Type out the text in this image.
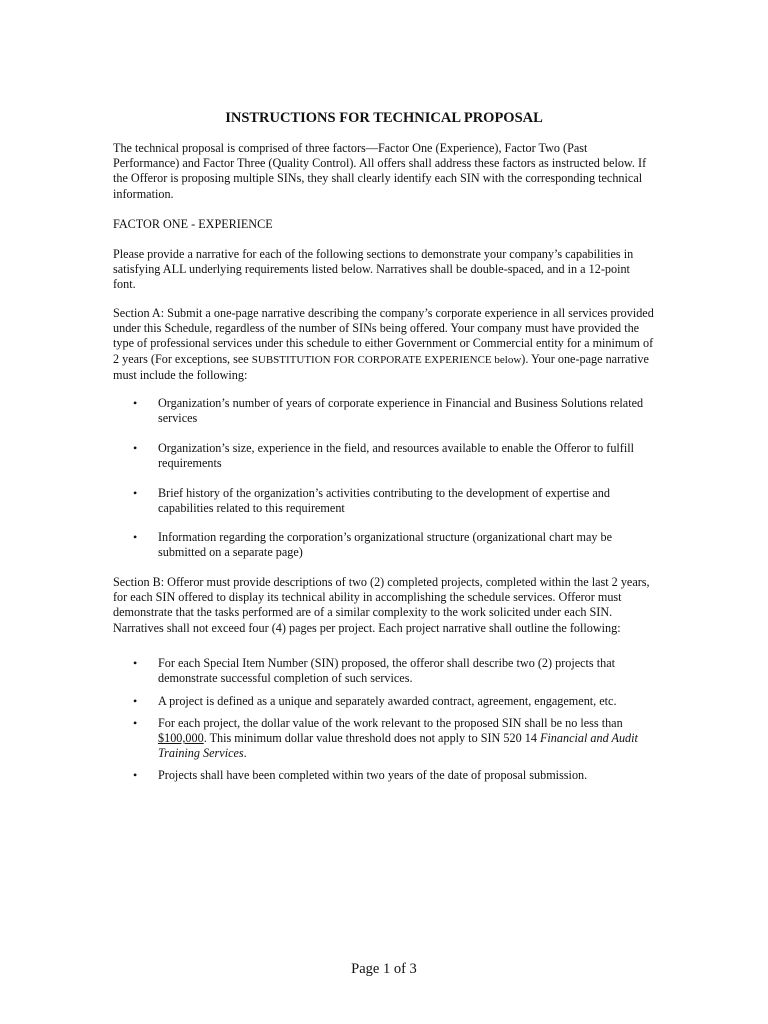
INSTRUCTIONS FOR TECHNICAL PROPOSAL

The technical proposal is comprised of three factors—Factor One (Experience), Factor Two (Past Performance) and Factor Three (Quality Control). All offers shall address these factors as instructed below. If the Offeror is proposing multiple SINs, they shall clearly identify each SIN with the corresponding technical information.

FACTOR ONE - EXPERIENCE

Please provide a narrative for each of the following sections to demonstrate your company’s capabilities in satisfying ALL underlying requirements listed below. Narratives shall be double-spaced, and in a 12-point font.

Section A: Submit a one-page narrative describing the company’s corporate experience in all services provided under this Schedule, regardless of the number of SINs being offered. Your company must have provided the type of professional services under this schedule to either Government or Commercial entity for a minimum of 2 years (For exceptions, see SUBSTITUTION FOR CORPORATE EXPERIENCE below). Your one-page narrative must include the following:

•	Organization’s number of years of corporate experience in Financial and Business Solutions related services
•	Organization’s size, experience in the field, and resources available to enable the Offeror to fulfill requirements
•	Brief history of the organization’s activities contributing to the development of expertise and capabilities related to this requirement
•	Information regarding the corporation’s organizational structure (organizational chart may be submitted on a separate page)

Section B: Offeror must provide descriptions of two (2) completed projects, completed within the last 2 years, for each SIN offered to display its technical ability in accomplishing the schedule services. Offeror must demonstrate that the tasks performed are of a similar complexity to the work solicited under each SIN. Narratives shall not exceed four (4) pages per project. Each project narrative shall outline the following:

•	For each Special Item Number (SIN) proposed, the offeror shall describe two (2) projects that demonstrate successful completion of such services.
•	A project is defined as a unique and separately awarded contract, agreement, engagement, etc.
•	For each project, the dollar value of the work relevant to the proposed SIN shall be no less than $100,000. This minimum dollar value threshold does not apply to SIN 520 14 Financial and Audit Training Services.
•	Projects shall have been completed within two years of the date of proposal submission.
Page 1 of 3
